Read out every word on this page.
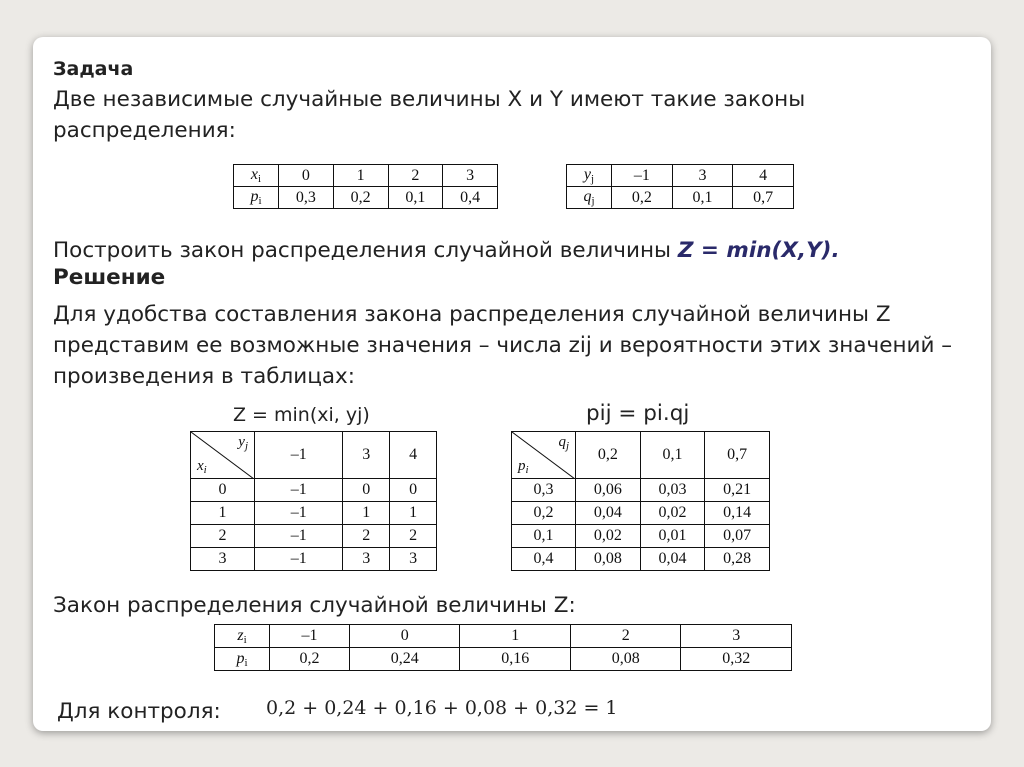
Задача
Две независимые случайные величины X и Y имеют такие законы распределения:
$x_i$	0	1	2	3
$p_i$	0,3	0,2	0,1	0,4
$y_j$	–1	3	4
$q_j$	0,2	0,1	0,7
Построить закон распределения случайной величины Z = min(X,Y).
Решение
Для удобства составления закона распределения случайной величины Z представим ее возможные значения – числа zij и вероятности этих значений – произведения в таблицах:
Z = min(xi, yj)	pij = pi.qj
$y_j$
$x_i$	–1	3	4
0	–1	0	0
1	–1	1	1
2	–1	2	2
3	–1	3	3
$q_j$
$p_i$	0,2	0,1	0,7
0,3	0,06	0,03	0,21
0,2	0,04	0,02	0,14
0,1	0,02	0,01	0,07
0,4	0,08	0,04	0,28
Закон распределения случайной величины Z:
$z_i$	–1	0	1	2	3
$p_i$	0,2	0,24	0,16	0,08	0,32
Для контроля: 0,2 + 0,24 + 0,16 + 0,08 + 0,32 = 1
